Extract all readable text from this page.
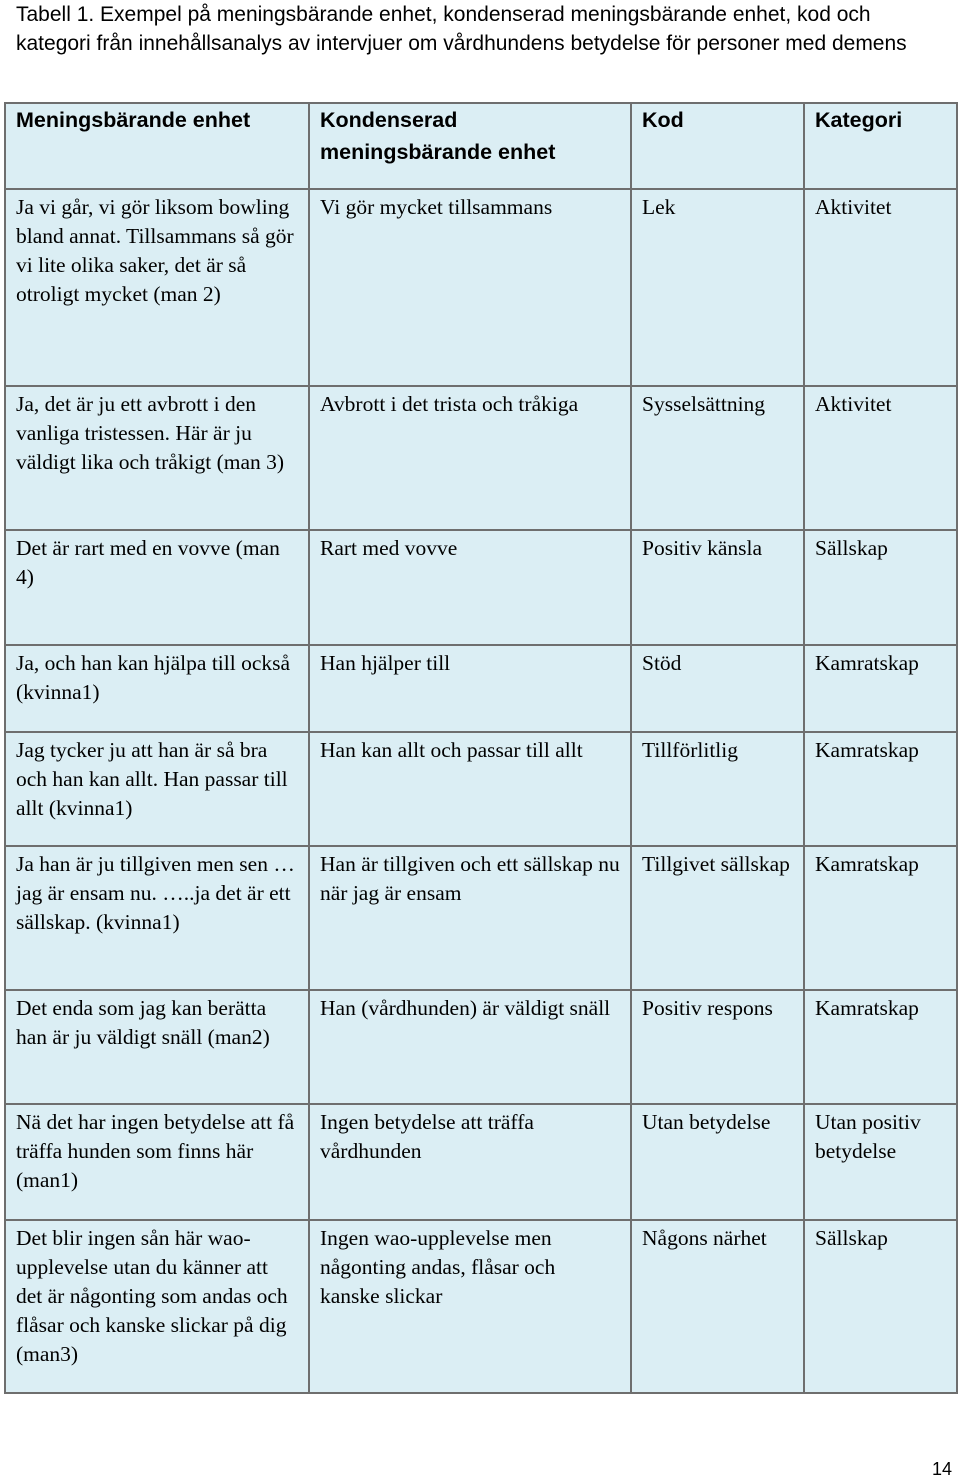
Tabell 1. Exempel på meningsbärande enhet, kondenserad meningsbärande enhet, kod och kategori från innehållsanalys av intervjuer om vårdhundens betydelse för personer med demens
Meningsbärande enhet	Kondenserad meningsbärande enhet	Kod	Kategori
Ja vi går, vi gör liksom bowling bland annat. Tillsammans så gör vi lite olika saker, det är så otroligt mycket (man 2)	Vi gör mycket tillsammans	Lek	Aktivitet
Ja, det är ju ett avbrott i den vanliga tristessen. Här är ju väldigt lika och tråkigt (man 3)	Avbrott i det trista och tråkiga	Sysselsättning	Aktivitet
Det är rart med en vovve (man 4)	Rart med vovve	Positiv känsla	Sällskap
Ja, och han kan hjälpa till också (kvinna1)	Han hjälper till	Stöd	Kamratskap
Jag tycker ju att han är så bra och han kan allt. Han passar till allt (kvinna1)	Han kan allt och passar till allt	Tillförlitlig	Kamratskap
Ja han är ju tillgiven men sen …jag är ensam nu. …..ja det är ett sällskap. (kvinna1)	Han är tillgiven och ett sällskap nu när jag är ensam	Tillgivet sällskap	Kamratskap
Det enda som jag kan berätta han är ju väldigt snäll (man2)	Han (vårdhunden) är väldigt snäll	Positiv respons	Kamratskap
Nä det har ingen betydelse att få träffa hunden som finns här (man1)	Ingen betydelse att träffa vårdhunden	Utan betydelse	Utan positiv betydelse
Det blir ingen sån här wao-upplevelse utan du känner att det är någonting som andas och flåsar och kanske slickar på dig (man3)	Ingen wao-upplevelse men någonting andas, flåsar och kanske slickar	Någons närhet	Sällskap
14
